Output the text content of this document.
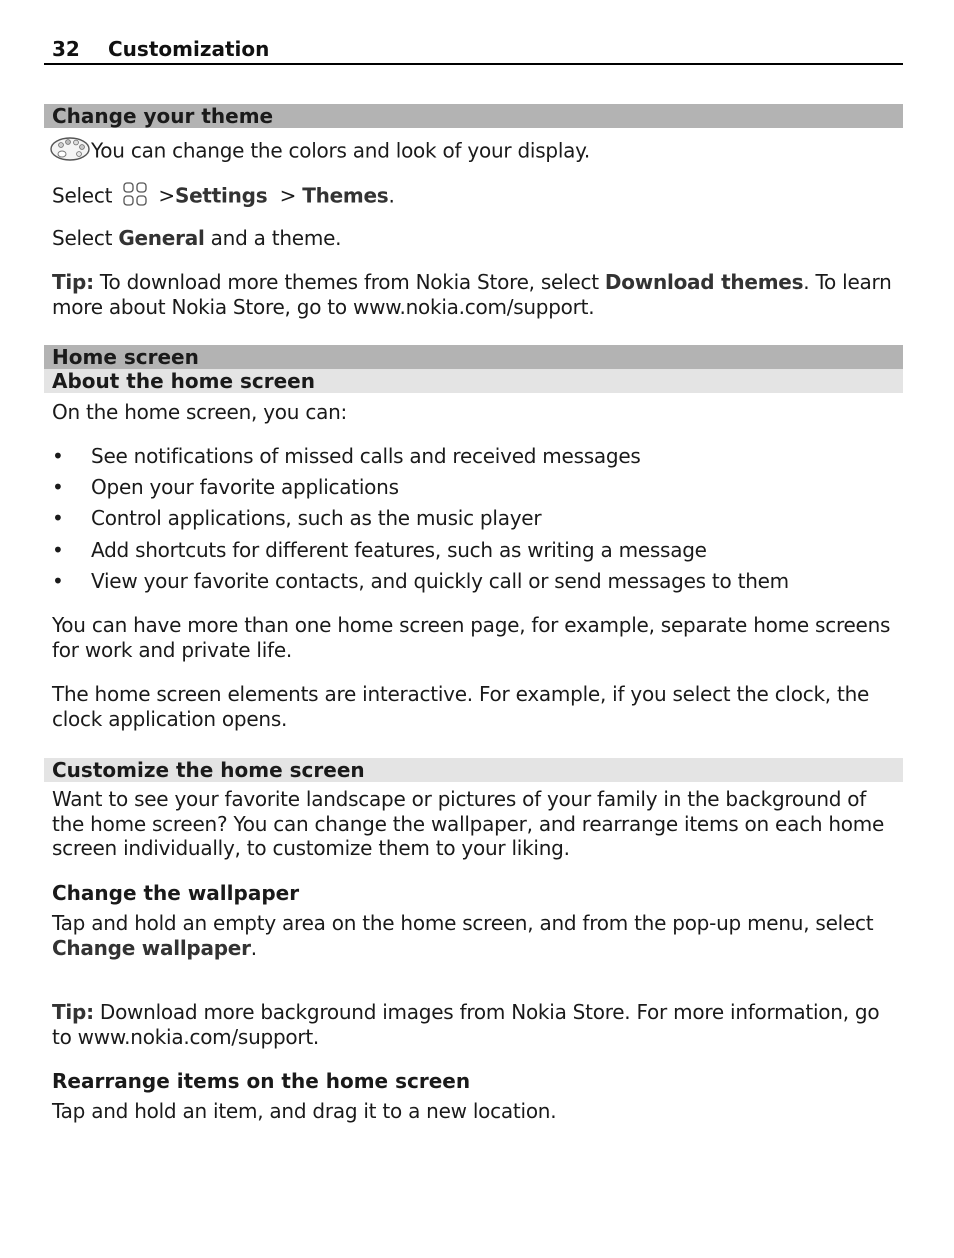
32 Customization
Change your theme
You can change the colors and look of your display.
Select >Settings > Themes.
Select General and a theme.
Tip: To download more themes from Nokia Store, select Download themes. To learn more about Nokia Store, go to www.nokia.com/support.
Home screen
About the home screen
On the home screen, you can:
• See notifications of missed calls and received messages
• Open your favorite applications
• Control applications, such as the music player
• Add shortcuts for different features, such as writing a message
• View your favorite contacts, and quickly call or send messages to them
You can have more than one home screen page, for example, separate home screens for work and private life.
The home screen elements are interactive. For example, if you select the clock, the clock application opens.
Customize the home screen
Want to see your favorite landscape or pictures of your family in the background of the home screen? You can change the wallpaper, and rearrange items on each home screen individually, to customize them to your liking.
Change the wallpaper
Tap and hold an empty area on the home screen, and from the pop-up menu, select Change wallpaper.
Tip: Download more background images from Nokia Store. For more information, go to www.nokia.com/support.
Rearrange items on the home screen
Tap and hold an item, and drag it to a new location.
